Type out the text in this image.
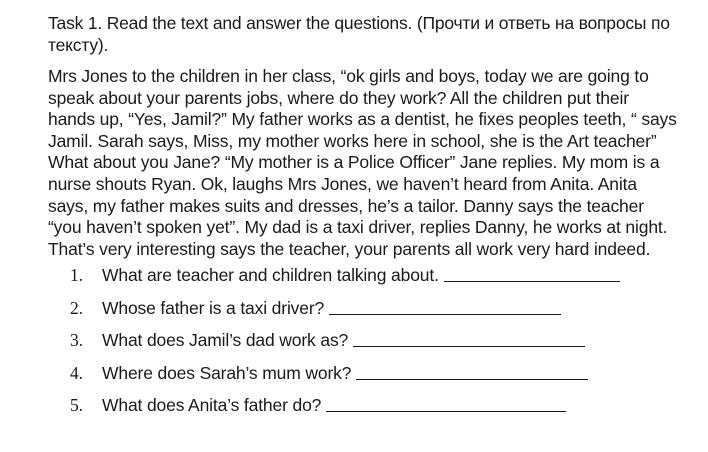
Task 1. Read the text and answer the questions. (Прочти и ответь на вопросы по тексту).

Mrs Jones to the children in her class, “ok girls and boys, today we are going to speak about your parents jobs, where do they work? All the children put their hands up, “Yes, Jamil?” My father works as a dentist, he fixes peoples teeth, “ says Jamil. Sarah says, Miss, my mother works here in school, she is the Art teacher” What about you Jane? “My mother is a Police Officer” Jane replies. My mom is a nurse shouts Ryan. Ok, laughs Mrs Jones, we haven’t heard from Anita. Anita says, my father makes suits and dresses, he’s a tailor. Danny says the teacher “you haven’t spoken yet”. My dad is a taxi driver, replies Danny, he works at night. That’s very interesting says the teacher, your parents all work very hard indeed.

1.	What are teacher and children talking about.
2.	Whose father is a taxi driver?
3.	What does Jamil’s dad work as?
4.	Where does Sarah’s mum work?
5.	What does Anita’s father do?
